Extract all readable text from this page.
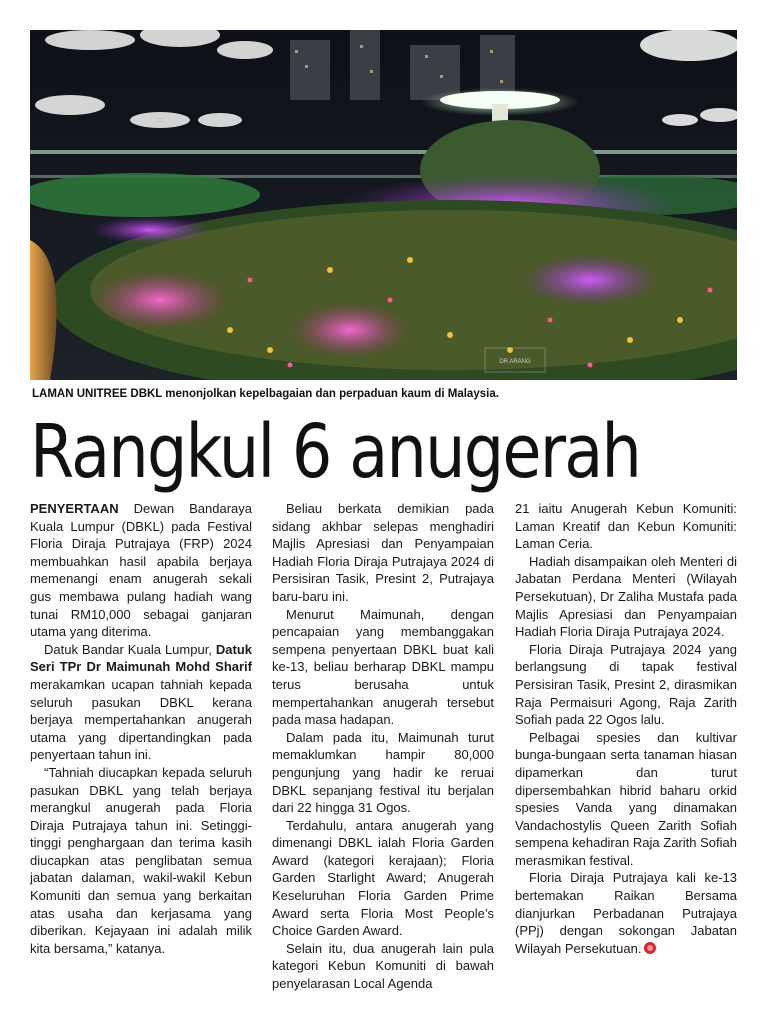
DR ARANG
LAMAN UNITREE DBKL menonjolkan kepelbagaian dan perpaduan kaum di Malaysia.
Rangkul 6 anugerah

PENYERTAAN Dewan Bandaraya Kuala Lumpur (DBKL) pada Festival Floria Diraja Putrajaya (FRP) 2024 membuahkan hasil apabila berjaya memenangi enam anugerah sekali gus membawa pulang hadiah wang tunai RM10,000 sebagai ganjaran utama yang diterima.

Datuk Bandar Kuala Lumpur, Datuk Seri TPr Dr Maimunah Mohd Sharif merakamkan ucapan tahniah kepada seluruh pasukan DBKL kerana berjaya mempertahankan anugerah utama yang dipertandingkan pada penyertaan tahun ini.

“Tahniah diucapkan kepada seluruh pasukan DBKL yang telah berjaya merangkul anugerah pada Floria Diraja Putrajaya tahun ini. Setinggi-tinggi penghargaan dan terima kasih diucapkan atas penglibatan semua jabatan dalaman, wakil-wakil Kebun Komuniti dan semua yang berkaitan atas usaha dan kerjasama yang diberikan. Kejayaan ini adalah milik kita bersama,” katanya.

Beliau berkata demikian pada sidang akhbar selepas menghadiri Majlis Apresiasi dan Penyampaian Hadiah Floria Diraja Putrajaya 2024 di Persisiran Tasik, Presint 2, Putrajaya baru-baru ini.

Menurut Maimunah, dengan pencapaian yang membanggakan sempena penyertaan DBKL buat kali ke-13, beliau berharap DBKL mampu terus berusaha untuk mempertahankan anugerah tersebut pada masa hadapan.

Dalam pada itu, Maimunah turut memaklumkan hampir 80,000 pengunjung yang hadir ke reruai DBKL sepanjang festival itu berjalan dari 22 hingga 31 Ogos.

Terdahulu, antara anugerah yang dimenangi DBKL ialah Floria Garden Award (kategori kerajaan); Floria Garden Starlight Award; Anugerah Keseluruhan Floria Garden Prime Award serta Floria Most People’s Choice Garden Award.

Selain itu, dua anugerah lain pula kategori Kebun Komuniti di bawah penyelarasan Local Agenda

21 iaitu Anugerah Kebun Komuniti: Laman Kreatif dan Kebun Komuniti: Laman Ceria.

Hadiah disampaikan oleh Menteri di Jabatan Perdana Menteri (Wilayah Persekutuan), Dr Zaliha Mustafa pada Majlis Apresiasi dan Penyampaian Hadiah Floria Diraja Putrajaya 2024.

Floria Diraja Putrajaya 2024 yang berlangsung di tapak festival Persisiran Tasik, Presint 2, dirasmikan Raja Permaisuri Agong, Raja Zarith Sofiah pada 22 Ogos lalu.

Pelbagai spesies dan kultivar bunga-bungaan serta tanaman hiasan dipamerkan dan turut dipersembahkan hibrid baharu orkid spesies Vanda yang dinamakan Vandachostylis Queen Zarith Sofiah sempena kehadiran Raja Zarith Sofiah merasmikan festival.

Floria Diraja Putrajaya kali ke-13 bertemakan Raikan Bersama dianjurkan Perbadanan Putrajaya (PPj) dengan sokongan Jabatan Wilayah Persekutuan.
